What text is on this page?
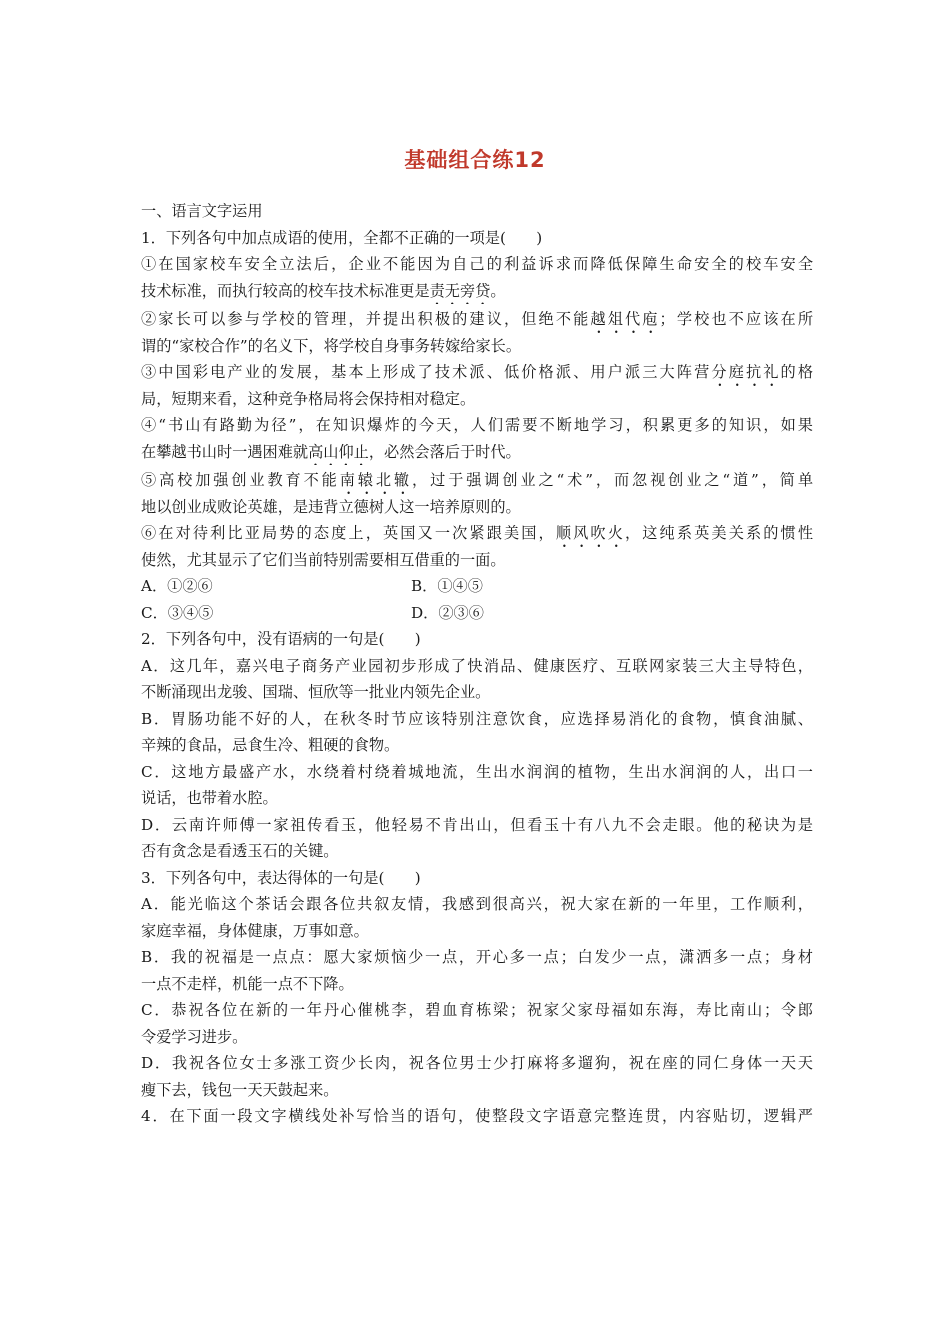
基础组合练12
一、语言文字运用
1．下列各句中加点成语的使用，全都不正确的一项是(　　)
①在国家校车安全立法后，企业不能因为自己的利益诉求而降低保障生命安全的校车安全
技术标准，而执行较高的校车技术标准更是责无旁贷。
②家长可以参与学校的管理，并提出积极的建议，但绝不能越俎代庖；学校也不应该在所
谓的“家校合作”的名义下，将学校自身事务转嫁给家长。
③中国彩电产业的发展，基本上形成了技术派、低价格派、用户派三大阵营分庭抗礼的格
局，短期来看，这种竞争格局将会保持相对稳定。
④“书山有路勤为径”，在知识爆炸的今天，人们需要不断地学习，积累更多的知识，如果
在攀越书山时一遇困难就高山仰止，必然会落后于时代。
⑤高校加强创业教育不能南辕北辙，过于强调创业之“术”，而忽视创业之“道”，简单
地以创业成败论英雄，是违背立德树人这一培养原则的。
⑥在对待利比亚局势的态度上，英国又一次紧跟美国，顺风吹火，这纯系英美关系的惯性
使然，尤其显示了它们当前特别需要相互借重的一面。
A．①②⑥	B．①④⑤
C．③④⑤	D．②③⑥
2．下列各句中，没有语病的一句是(　　)
A．这几年，嘉兴电子商务产业园初步形成了快消品、健康医疗、互联网家装三大主导特色，
不断涌现出龙骏、国瑞、恒欣等一批业内领先企业。
B．胃肠功能不好的人，在秋冬时节应该特别注意饮食，应选择易消化的食物，慎食油腻、
辛辣的食品，忌食生冷、粗硬的食物。
C．这地方最盛产水，水绕着村绕着城地流，生出水润润的植物，生出水润润的人，出口一
说话，也带着水腔。
D．云南许师傅一家祖传看玉，他轻易不肯出山，但看玉十有八九不会走眼。他的秘诀为是
否有贪念是看透玉石的关键。
3．下列各句中，表达得体的一句是(　　)
A．能光临这个茶话会跟各位共叙友情，我感到很高兴，祝大家在新的一年里，工作顺利，
家庭幸福，身体健康，万事如意。
B．我的祝福是一点点：愿大家烦恼少一点，开心多一点；白发少一点，潇洒多一点；身材
一点不走样，机能一点不下降。
C．恭祝各位在新的一年丹心催桃李，碧血育栋梁；祝家父家母福如东海，寿比南山；令郎
令爱学习进步。
D．我祝各位女士多涨工资少长肉，祝各位男士少打麻将多遛狗，祝在座的同仁身体一天天
瘦下去，钱包一天天鼓起来。
4．在下面一段文字横线处补写恰当的语句，使整段文字语意完整连贯，内容贴切，逻辑严
